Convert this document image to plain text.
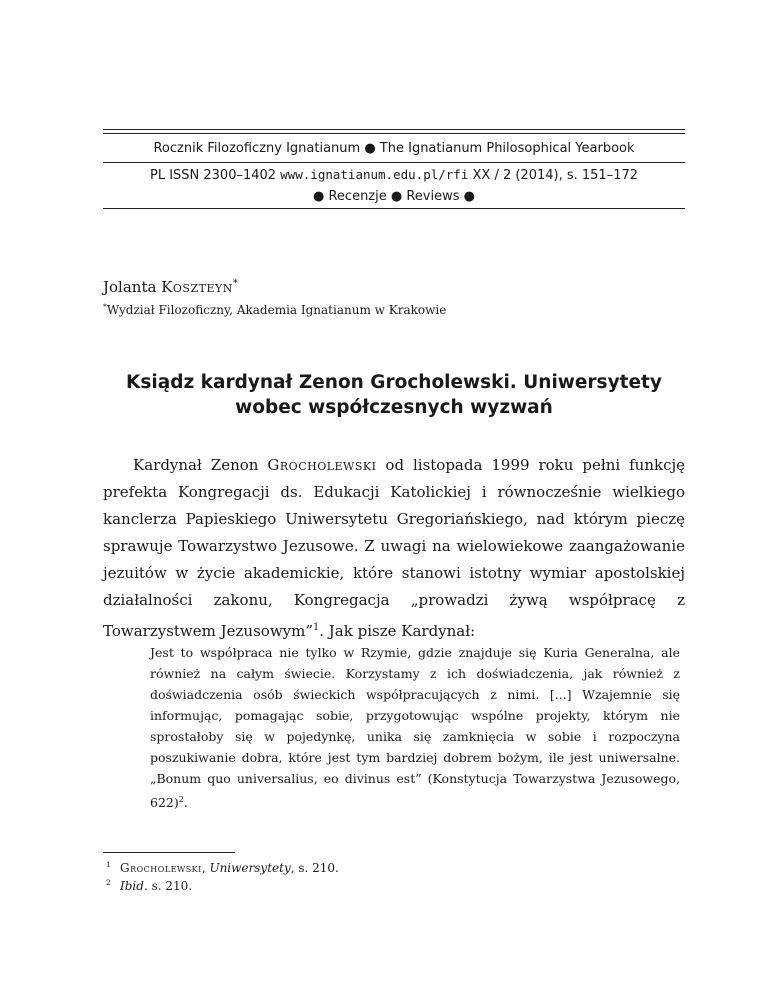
Rocznik Filozoficzny Ignatianum ● The Ignatianum Philosophical Yearbook
PL ISSN 2300–1402 www.ignatianum.edu.pl/rfi XX / 2 (2014), s. 151–172
● Recenzje ● Reviews ●
Jolanta Koszteyn*
*Wydział Filozoficzny, Akademia Ignatianum w Krakowie
Ksiądz kardynał Zenon Grocholewski. Uniwersytety
wobec współczesnych wyzwań

Kardynał Zenon Grocholewski od listopada 1999 roku pełni funkcję prefekta Kongregacji ds. Edukacji Katolickiej i równocześnie wielkiego kanclerza Papieskiego Uniwersytetu Gregoriańskiego, nad którym pieczę sprawuje Towarzystwo Jezusowe. Z uwagi na wielowiekowe zaangażowanie jezuitów w życie akademickie, które stanowi istotny wymiar apostolskiej działalności zakonu, Kongregacja „prowadzi żywą współpracę z Towarzystwem Jezusowym”$^1$. Jak pisze Kardynał:

Jest to współpraca nie tylko w Rzymie, gdzie znajduje się Kuria Generalna, ale również na całym świecie. Korzystamy z ich doświadczenia, jak również z doświadczenia osób świeckich współpracujących z nimi. [...] Wzajemnie się informując, pomagając sobie, przygotowując wspólne projekty, którym nie sprostałoby się w pojedynkę, unika się zamknięcia w sobie i rozpoczyna poszukiwanie dobra, które jest tym bardziej dobrem bożym, ile jest uniwersalne. „Bonum quo universalius, eo divinus est” (Konstytucja Towarzystwa Jezusowego, 622)$^2$.

1 Grocholewski, Uniwersytety, s. 210.
2 Ibid. s. 210.
